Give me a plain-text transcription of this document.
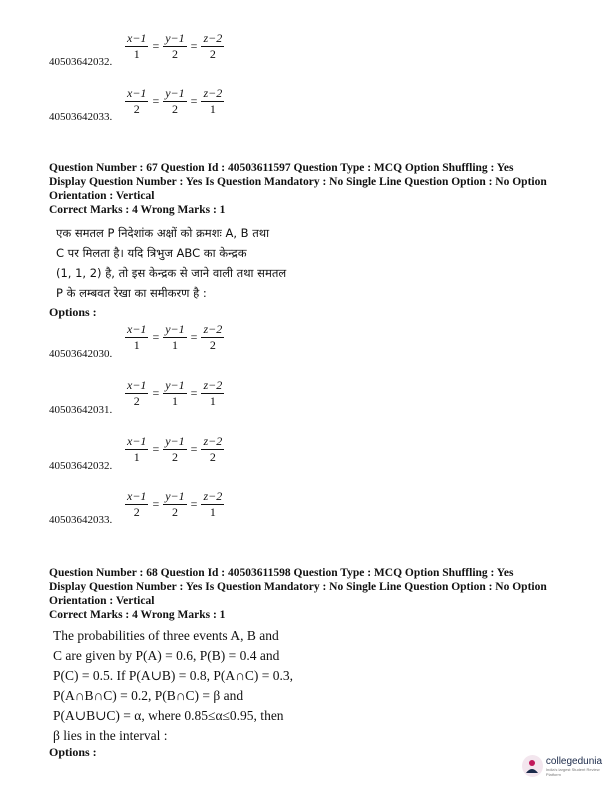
40503642032.
$\frac{x-1}{1} = \frac{y-1}{2} = \frac{z-2}{2}$
40503642033.
$\frac{x-1}{2} = \frac{y-1}{2} = \frac{z-2}{1}$
Question Number : 67 Question Id : 40503611597 Question Type : MCQ Option Shuffling : Yes
Display Question Number : Yes Is Question Mandatory : No Single Line Question Option : No Option
Orientation : Vertical
Correct Marks : 4 Wrong Marks : 1
एक समतल P निदेशांक अक्षों को क्रमशः A, B तथा
C पर मिलता है। यदि त्रिभुज ABC का केन्द्रक
(1, 1, 2) है, तो इस केन्द्रक से जाने वाली तथा समतल
P के लम्बवत रेखा का समीकरण है :
Options :
40503642030.
$\frac{x-1}{1} = \frac{y-1}{1} = \frac{z-2}{2}$
40503642031.
$\frac{x-1}{2} = \frac{y-1}{1} = \frac{z-2}{1}$
40503642032.
$\frac{x-1}{1} = \frac{y-1}{2} = \frac{z-2}{2}$
40503642033.
$\frac{x-1}{2} = \frac{y-1}{2} = \frac{z-2}{1}$
Question Number : 68 Question Id : 40503611598 Question Type : MCQ Option Shuffling : Yes
Display Question Number : Yes Is Question Mandatory : No Single Line Question Option : No Option
Orientation : Vertical
Correct Marks : 4 Wrong Marks : 1
The probabilities of three events A, B and
C are given by P(A) = 0.6, P(B) = 0.4 and
P(C) = 0.5. If P(A∪B) = 0.8, P(A∩C) = 0.3,
P(A∩B∩C) = 0.2, P(B∩C) = β and
P(A∪B∪C) = α, where 0.85≤α≤0.95, then
β lies in the interval :
Options :
collegedunia
India's largest Student Review Platform
